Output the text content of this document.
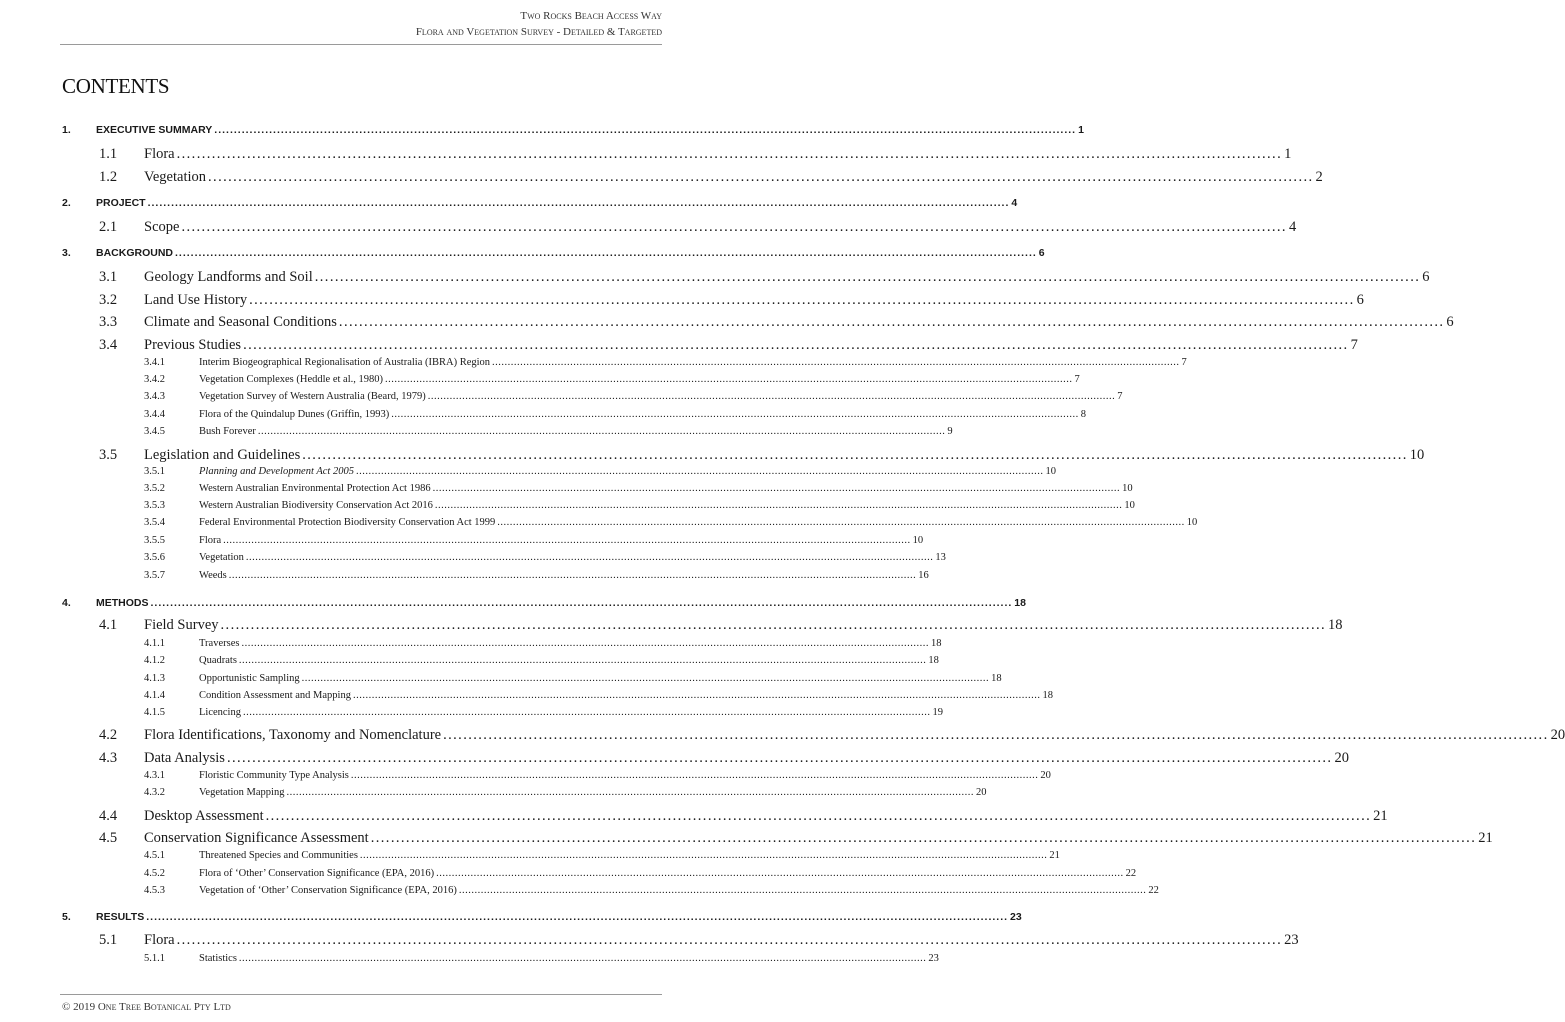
Two Rocks Beach Access Way
Flora and Vegetation Survey - Detailed & Targeted
CONTENTS
1.	EXECUTIVE SUMMARY ............................................................................................................................................................................................................................ 1
1.1	Flora ............................................................................................................................................................................................................................ 1
1.2	Vegetation ............................................................................................................................................................................................................................ 2
2.	PROJECT ............................................................................................................................................................................................................................ 4
2.1	Scope ............................................................................................................................................................................................................................ 4
3.	BACKGROUND ............................................................................................................................................................................................................................ 6
3.1	Geology Landforms and Soil ............................................................................................................................................................................................................................ 6
3.2	Land Use History ............................................................................................................................................................................................................................ 6
3.3	Climate and Seasonal Conditions ............................................................................................................................................................................................................................ 6
3.4	Previous Studies ............................................................................................................................................................................................................................ 7
3.4.1	Interim Biogeographical Regionalisation of Australia (IBRA) Region ............................................................................................................................................................................................................................ 7
3.4.2	Vegetation Complexes (Heddle et al., 1980) ............................................................................................................................................................................................................................ 7
3.4.3	Vegetation Survey of Western Australia (Beard, 1979) ............................................................................................................................................................................................................................ 7
3.4.4	Flora of the Quindalup Dunes (Griffin, 1993) ............................................................................................................................................................................................................................ 8
3.4.5	Bush Forever ............................................................................................................................................................................................................................ 9
3.5	Legislation and Guidelines ............................................................................................................................................................................................................................ 10
3.5.1	Planning and Development Act 2005 ............................................................................................................................................................................................................................ 10
3.5.2	Western Australian Environmental Protection Act 1986 ............................................................................................................................................................................................................................ 10
3.5.3	Western Australian Biodiversity Conservation Act 2016 ............................................................................................................................................................................................................................ 10
3.5.4	Federal Environmental Protection Biodiversity Conservation Act 1999 ............................................................................................................................................................................................................................ 10
3.5.5	Flora ............................................................................................................................................................................................................................ 10
3.5.6	Vegetation ............................................................................................................................................................................................................................ 13
3.5.7	Weeds ............................................................................................................................................................................................................................ 16
4.	METHODS ............................................................................................................................................................................................................................ 18
4.1	Field Survey ............................................................................................................................................................................................................................ 18
4.1.1	Traverses ............................................................................................................................................................................................................................ 18
4.1.2	Quadrats ............................................................................................................................................................................................................................ 18
4.1.3	Opportunistic Sampling ............................................................................................................................................................................................................................ 18
4.1.4	Condition Assessment and Mapping ............................................................................................................................................................................................................................ 18
4.1.5	Licencing ............................................................................................................................................................................................................................ 19
4.2	Flora Identifications, Taxonomy and Nomenclature ............................................................................................................................................................................................................................ 20
4.3	Data Analysis ............................................................................................................................................................................................................................ 20
4.3.1	Floristic Community Type Analysis ............................................................................................................................................................................................................................ 20
4.3.2	Vegetation Mapping ............................................................................................................................................................................................................................ 20
4.4	Desktop Assessment ............................................................................................................................................................................................................................ 21
4.5	Conservation Significance Assessment ............................................................................................................................................................................................................................ 21
4.5.1	Threatened Species and Communities ............................................................................................................................................................................................................................ 21
4.5.2	Flora of ‘Other’ Conservation Significance (EPA, 2016) ............................................................................................................................................................................................................................ 22
4.5.3	Vegetation of ‘Other’ Conservation Significance (EPA, 2016) ............................................................................................................................................................................................................................ 22
5.	RESULTS ............................................................................................................................................................................................................................ 23
5.1	Flora ............................................................................................................................................................................................................................ 23
5.1.1	Statistics ............................................................................................................................................................................................................................ 23
© 2019 One Tree Botanical Pty Ltd
